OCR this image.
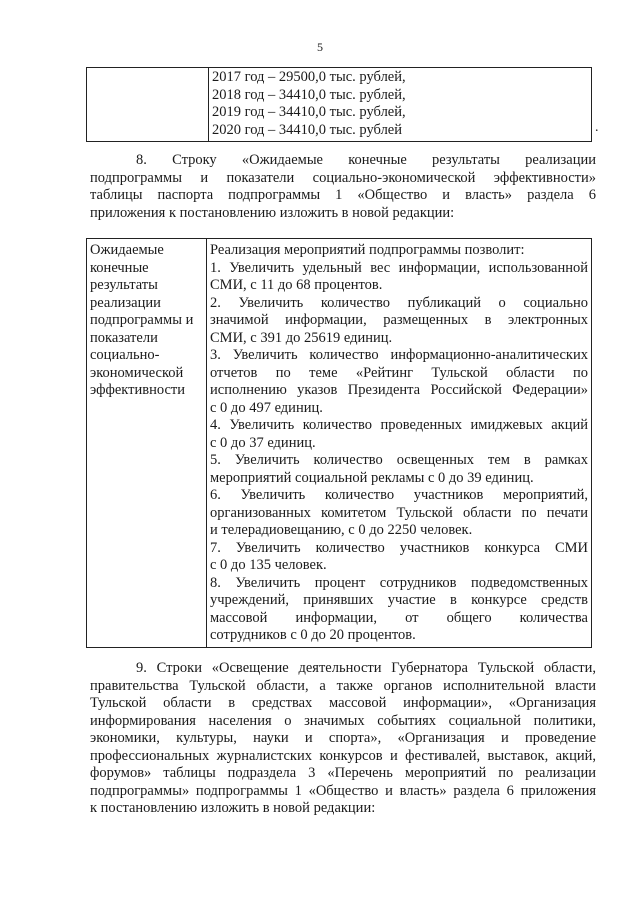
5

2017 год – 29500,0 тыс. рублей,
2018 год – 34410,0 тыс. рублей,
2019 год – 34410,0 тыс. рублей,
2020 год – 34410,0 тыс. рублей	.
8. Строку «Ожидаемые конечные результаты реализации
подпрограммы и показатели социально-экономической эффективности»
таблицы паспорта подпрограммы 1 «Общество и власть» раздела 6
приложения к постановлению изложить в новой редакции:
Ожидаемые
конечные
результаты
реализации
подпрограммы и
показатели
социально-
экономической
эффективности

Реализация мероприятий подпрограммы позволит:
1. Увеличить удельный вес информации, использованной
СМИ, с 11 до 68 процентов.
2. Увеличить количество публикаций о социально
значимой информации, размещенных в электронных
СМИ, с 391 до 25619 единиц.
3. Увеличить количество информационно-аналитических
отчетов по теме «Рейтинг Тульской области по
исполнению указов Президента Российской Федерации»
с 0 до 497 единиц.
4. Увеличить количество проведенных имиджевых акций
с 0 до 37 единиц.
5. Увеличить количество освещенных тем в рамках
мероприятий социальной рекламы с 0 до 39 единиц.
6. Увеличить количество участников мероприятий,
организованных комитетом Тульской области по печати
и телерадиовещанию, с 0 до 2250 человек.
7. Увеличить количество участников конкурса СМИ
с 0 до 135 человек.
8. Увеличить процент сотрудников подведомственных
учреждений, принявших участие в конкурсе средств
массовой информации, от общего количества
сотрудников с 0 до 20 процентов.
9. Строки «Освещение деятельности Губернатора Тульской области,
правительства Тульской области, а также органов исполнительной власти
Тульской области в средствах массовой информации», «Организация
информирования населения о значимых событиях социальной политики,
экономики, культуры, науки и спорта», «Организация и проведение
профессиональных журналистских конкурсов и фестивалей, выставок, акций,
форумов» таблицы подраздела 3 «Перечень мероприятий по реализации
подпрограммы» подпрограммы 1 «Общество и власть» раздела 6 приложения
к постановлению изложить в новой редакции:
